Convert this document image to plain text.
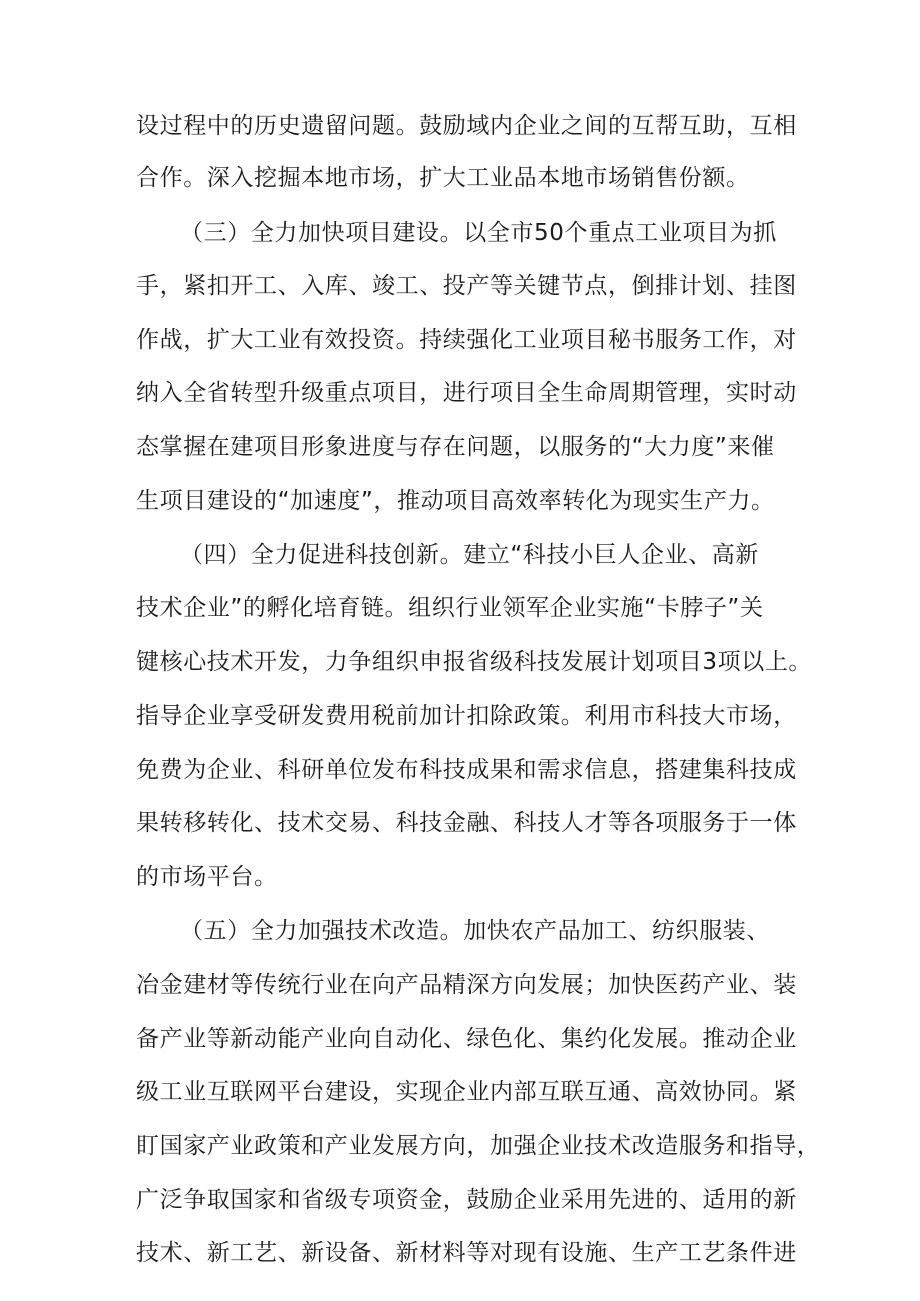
设过程中的历史遗留问题。鼓励域内企业之间的互帮互助，互相

合作。深入挖掘本地市场，扩大工业品本地市场销售份额。

（三）全力加快项目建设。以全市50个重点工业项目为抓

手，紧扣开工、入库、竣工、投产等关键节点，倒排计划、挂图

作战，扩大工业有效投资。持续强化工业项目秘书服务工作，对

纳入全省转型升级重点项目，进行项目全生命周期管理，实时动

态掌握在建项目形象进度与存在问题，以服务的“大力度”来催

生项目建设的“加速度”，推动项目高效率转化为现实生产力。

（四）全力促进科技创新。建立“科技小巨人企业、高新

技术企业”的孵化培育链。组织行业领军企业实施“卡脖子”关

键核心技术开发，力争组织申报省级科技发展计划项目3项以上。

指导企业享受研发费用税前加计扣除政策。利用市科技大市场，

免费为企业、科研单位发布科技成果和需求信息，搭建集科技成

果转移转化、技术交易、科技金融、科技人才等各项服务于一体

的市场平台。

（五）全力加强技术改造。加快农产品加工、纺织服装、

冶金建材等传统行业在向产品精深方向发展；加快医药产业、装

备产业等新动能产业向自动化、绿色化、集约化发展。推动企业

级工业互联网平台建设，实现企业内部互联互通、高效协同。紧

盯国家产业政策和产业发展方向，加强企业技术改造服务和指导，

广泛争取国家和省级专项资金，鼓励企业采用先进的、适用的新

技术、新工艺、新设备、新材料等对现有设施、生产工艺条件进
